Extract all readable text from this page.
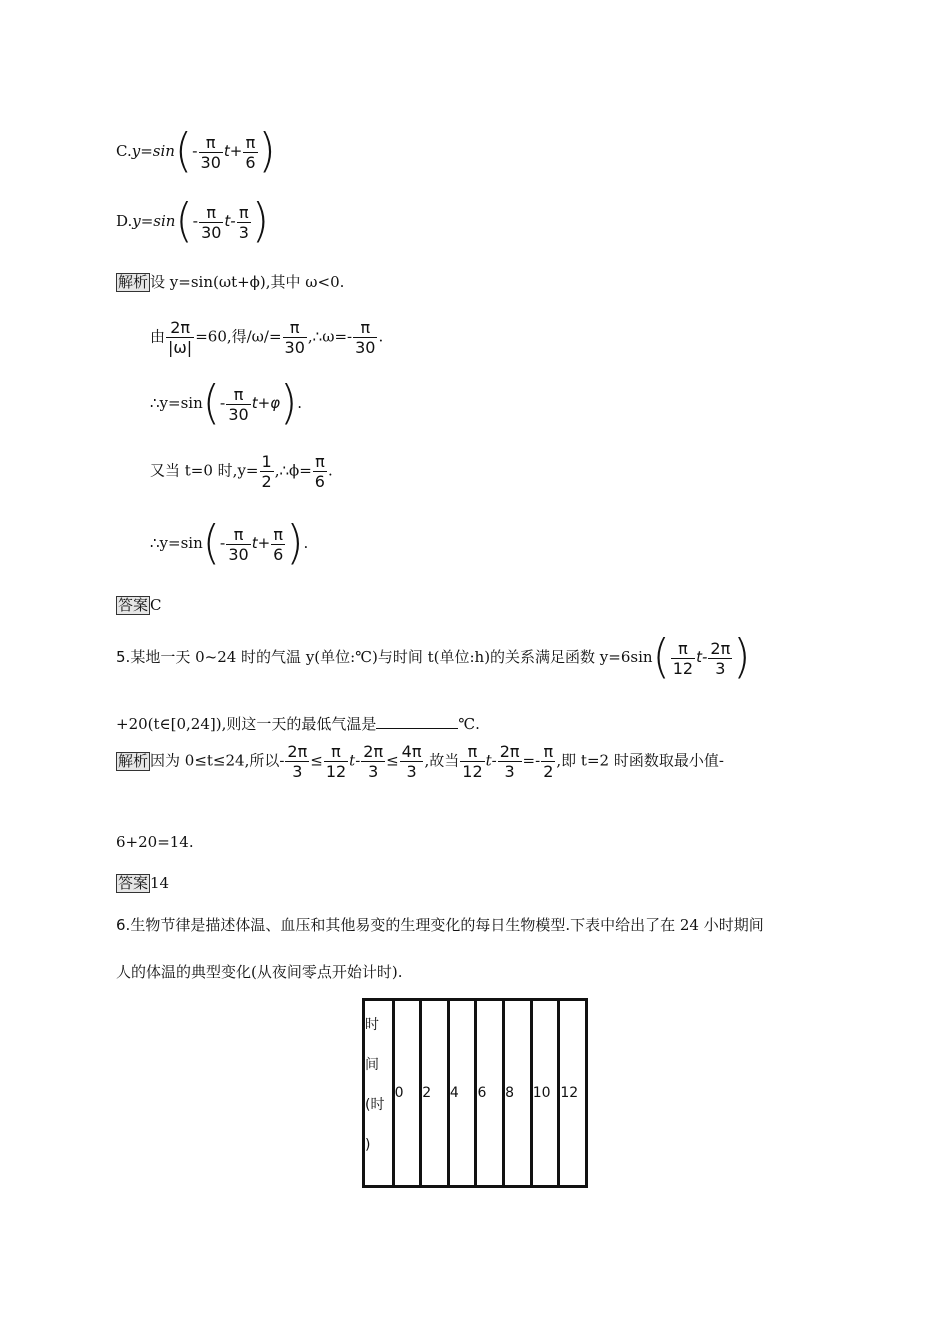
$C.y=\sin(- \frac{\pi}{30} t+ \frac{\pi}{6}$ )
$D.y=\sin(- \frac{\pi}{30} t- \frac{\pi}{3}$ )
解析 设 y=sin(ωt+ϕ),其中 ω<0.
由 $\frac{2\pi}{|\omega|} =60$,得$/\omega/= \frac{\pi}{30}$ ,∴ω=- $\frac{\pi}{30}$ .
∴y=sin(- $\frac{\pi}{30} t+\varphi$).
又当 t=0 时$,y= \frac{1}{2}$ ,∴ϕ= $\frac{\pi}{6}$ .
∴y=sin(- $\frac{\pi}{30} t+ \frac{\pi}{6}$ ).
答案 C
5.某地一天 0~24 时的气温 y(单位:℃)与时间 t(单位:h)的关系满足函数 $y=6\sin( \frac{\pi}{12} t- \frac{2\pi}{3}$ )
+20(t∈[0,24]),则这一天的最低气温是	℃.
解析 因为 0≤t≤24,所以- $\frac{2\pi}{3} \le \frac{\pi}{12} t- \frac{2\pi}{3} \le \frac{4\pi}{3}$ ,故当 $\frac{\pi}{12} t- \frac{2\pi}{3} =- \frac{\pi}{2}$ ,即 t=2 时函数取最小值-
6+20=14.
答案 14
6.生物节律是描述体温、血压和其他易变的生理变化的每日生物模型.下表中给出了在 24 小时期间
人的体温的典型变化(从夜间零点开始计时).
时
间
(时
)
	0	2	4	6	8	10	12
